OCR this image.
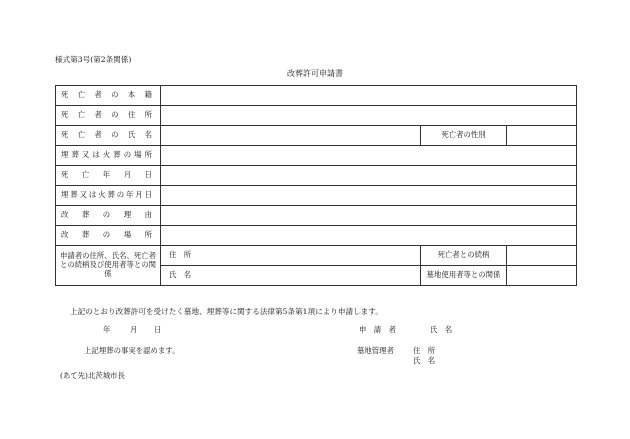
様式第3号(第2条関係)
改葬許可申請書
死亡者の本籍			
死亡者の住所			
死亡者の氏名		死亡者の性別	
埋葬又は火葬の場所			
死亡年月日			
埋葬又は火葬の年月日			
改葬の理由			
改葬の場所			
申請者の住所、氏名、死亡者との続柄及び使用者等との関係	住　所	死亡者との続柄	
	氏　名	墓地使用者等との関係	
上記のとおり改葬許可を受けたく墓地、埋葬等に関する法律第5条第1項により申請します。
年	月 日	申　請　者	氏　名
上記埋葬の事実を認めます。	墓地管理者	住　所
氏　名
(あて先)北茨城市長
